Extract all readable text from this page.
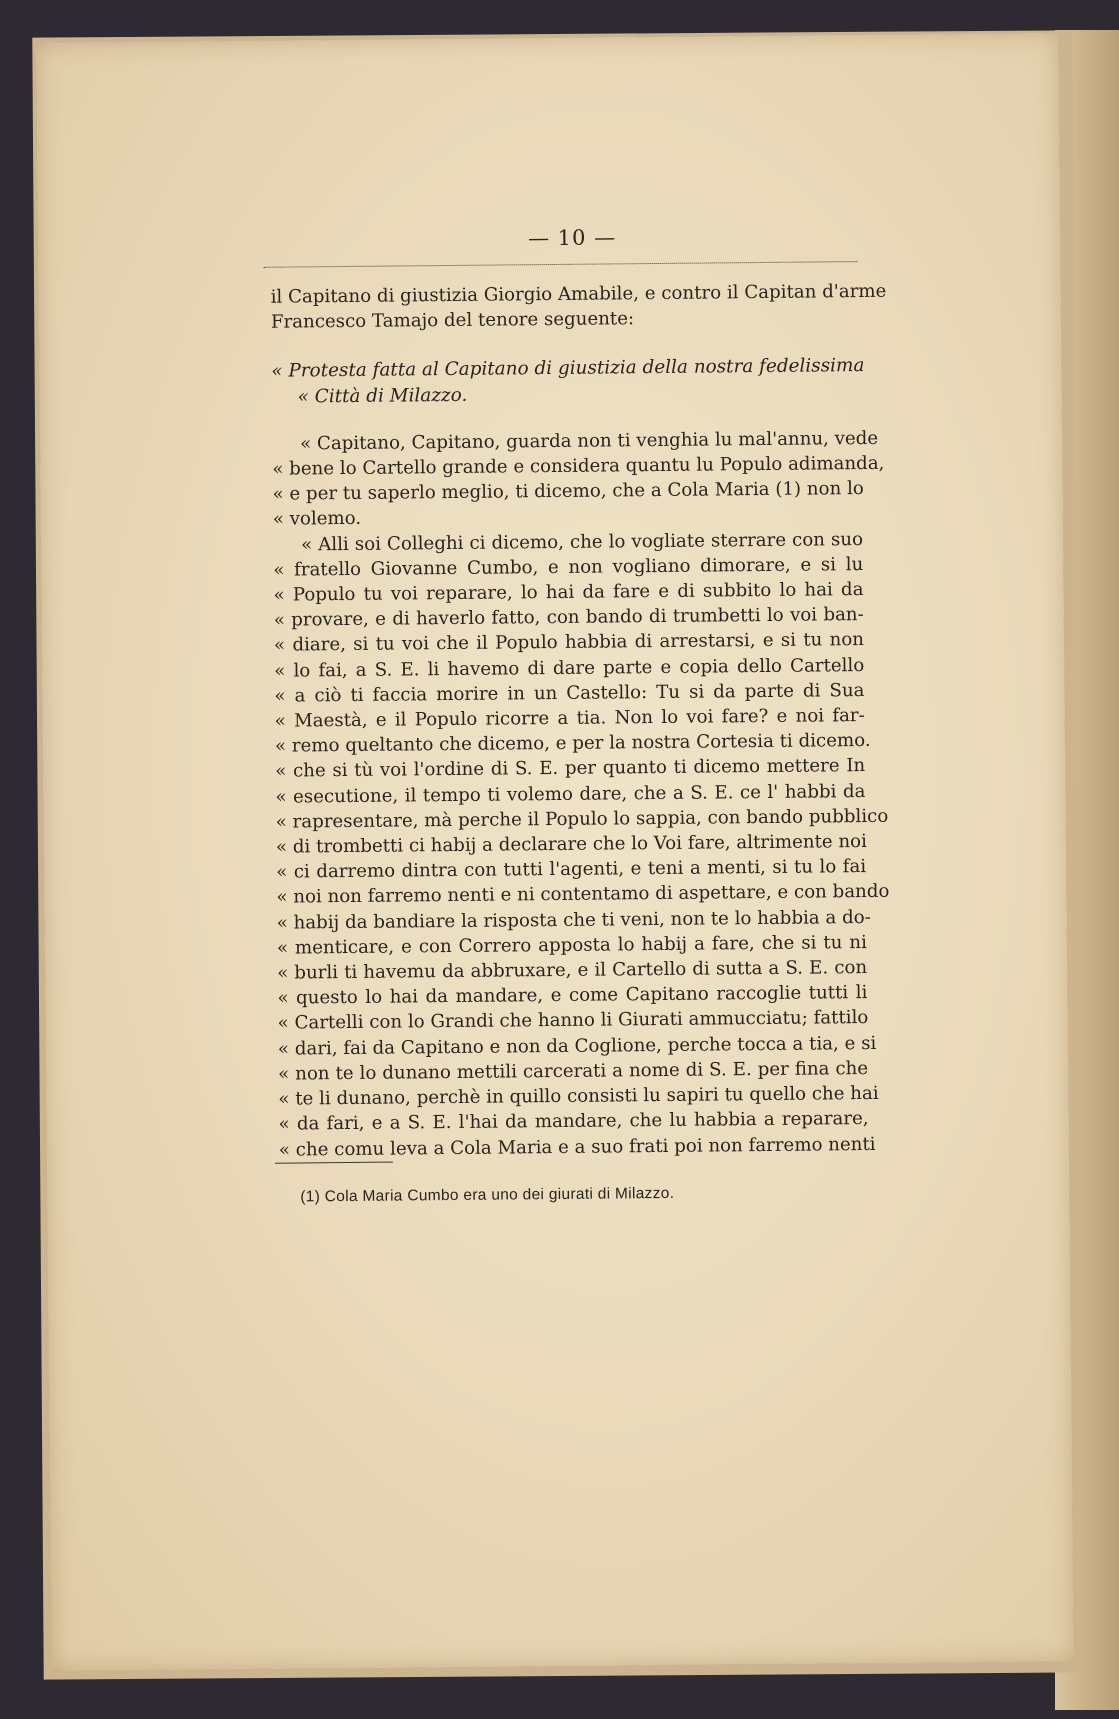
— 10 —
il Capitano di giustizia Giorgio Amabile, e contro il Capitan d'arme
Francesco Tamajo del tenore seguente:
« Protesta fatta al Capitano di giustizia della nostra fedelissima
« Città di Milazzo.
« Capitano, Capitano, guarda non ti venghia lu mal'annu, vede
« bene lo Cartello grande e considera quantu lu Populo adimanda,
« e per tu saperlo meglio, ti dicemo, che a Cola Maria (1) non lo
« volemo.
« Alli soi Colleghi ci dicemo, che lo vogliate sterrare con suo
« fratello Giovanne Cumbo, e non vogliano dimorare, e si lu
« Populo tu voi reparare, lo hai da fare e di subbito lo hai da
« provare, e di haverlo fatto, con bando di trumbetti lo voi ban-
« diare, si tu voi che il Populo habbia di arrestarsi, e si tu non
« lo fai, a S. E. li havemo di dare parte e copia dello Cartello
« a ciò ti faccia morire in un Castello: Tu si da parte di Sua
« Maestà, e il Populo ricorre a tia. Non lo voi fare? e noi far-
« remo queltanto che dicemo, e per la nostra Cortesia ti dicemo.
« che si tù voi l'ordine di S. E. per quanto ti dicemo mettere In
« esecutione, il tempo ti volemo dare, che a S. E. ce l' habbi da
« rapresentare, mà perche il Populo lo sappia, con bando pubblico
« di trombetti ci habij a declarare che lo Voi fare, altrimente noi
« ci darremo dintra con tutti l'agenti, e teni a menti, si tu lo fai
« noi non farremo nenti e ni contentamo di aspettare, e con bando
« habij da bandiare la risposta che ti veni, non te lo habbia a do-
« menticare, e con Correro apposta lo habij a fare, che si tu ni
« burli ti havemu da abbruxare, e il Cartello di sutta a S. E. con
« questo lo hai da mandare, e come Capitano raccoglie tutti li
« Cartelli con lo Grandi che hanno li Giurati ammucciatu; fattilo
« dari, fai da Capitano e non da Coglione, perche tocca a tia, e si
« non te lo dunano mettili carcerati a nome di S. E. per fina che
« te li dunano, perchè in quillo consisti lu sapiri tu quello che hai
« da fari, e a S. E. l'hai da mandare, che lu habbia a reparare,
« che comu leva a Cola Maria e a suo frati poi non farremo nenti
(1) Cola Maria Cumbo era uno dei giurati di Milazzo.
